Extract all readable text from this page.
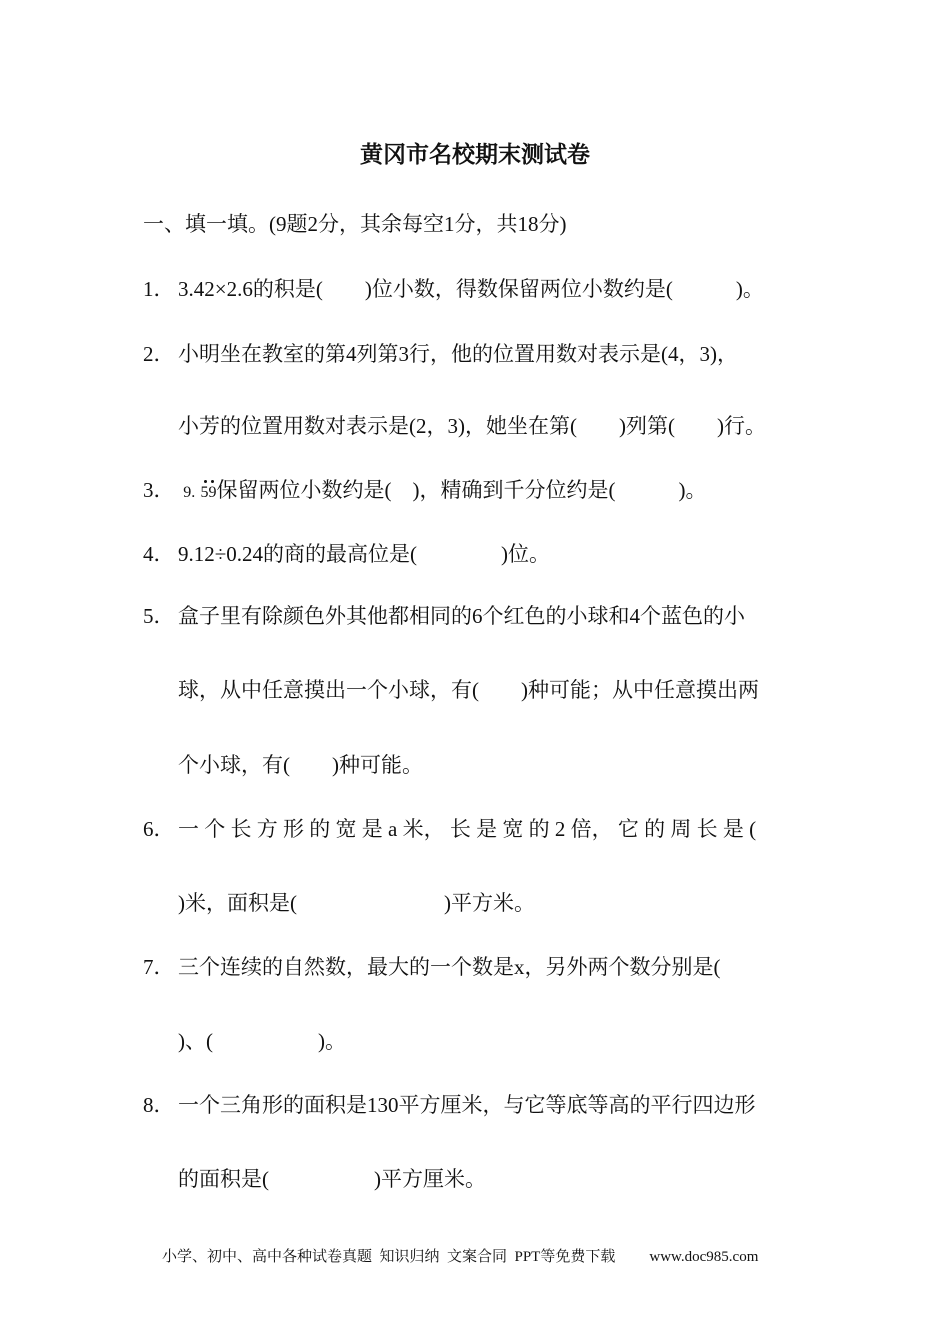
黄冈市名校期末测试卷
一、填一填。(9题2分，其余每空1分，共18分)
1． 3.42×2.6的积是(　　)位小数，得数保留两位小数约是(　　　)。
2． 小明坐在教室的第4列第3行，他的位置用数对表示是(4，3)，
小芳的位置用数对表示是(2，3)，她坐在第(　　)列第(　　)行。
3． 9. 59保留两位小数约是(　)，精确到千分位约是(　　　)。
4． 9.12÷0.24的商的最高位是(　　　　)位。
5． 盒子里有除颜色外其他都相同的6个红色的小球和4个蓝色的小
球，从中任意摸出一个小球，有(　　)种可能；从中任意摸出两
个小球，有(　　)种可能。
6． 一 个 长 方 形 的 宽 是 a 米， 长 是 宽 的 2 倍， 它 的 周 长 是 (
)米，面积是(　　　　　　　)平方米。
7． 三个连续的自然数，最大的一个数是x，另外两个数分别是(
)、(　　　　　)。
8． 一个三角形的面积是130平方厘米，与它等底等高的平行四边形
的面积是(　　　　　)平方厘米。
小学、初中、高中各种试卷真题  知识归纳  文案合同  PPT等免费下载 www.doc985.com
